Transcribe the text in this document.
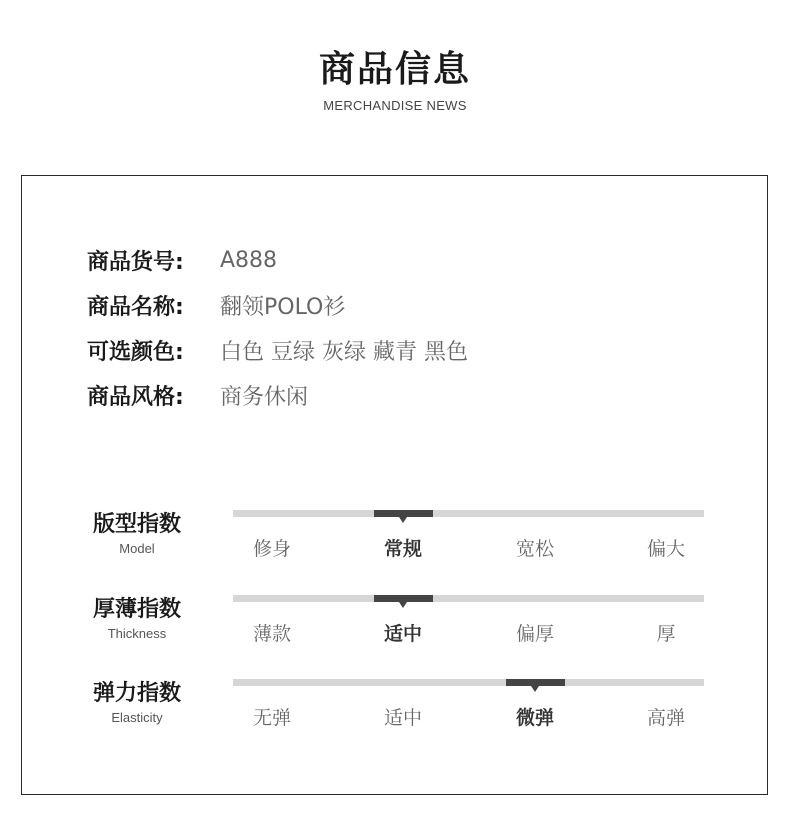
商品信息
MERCHANDISE NEWS
商品货号:	A888
商品名称:	翻领POLO衫
可选颜色:	白色 豆绿 灰绿 藏青 黑色
商品风格:	商务休闲
版型指数
Model	修身	常规	宽松	偏大
厚薄指数
Thickness	薄款	适中	偏厚	厚
弹力指数
Elasticity	无弹	适中	微弹	高弹
